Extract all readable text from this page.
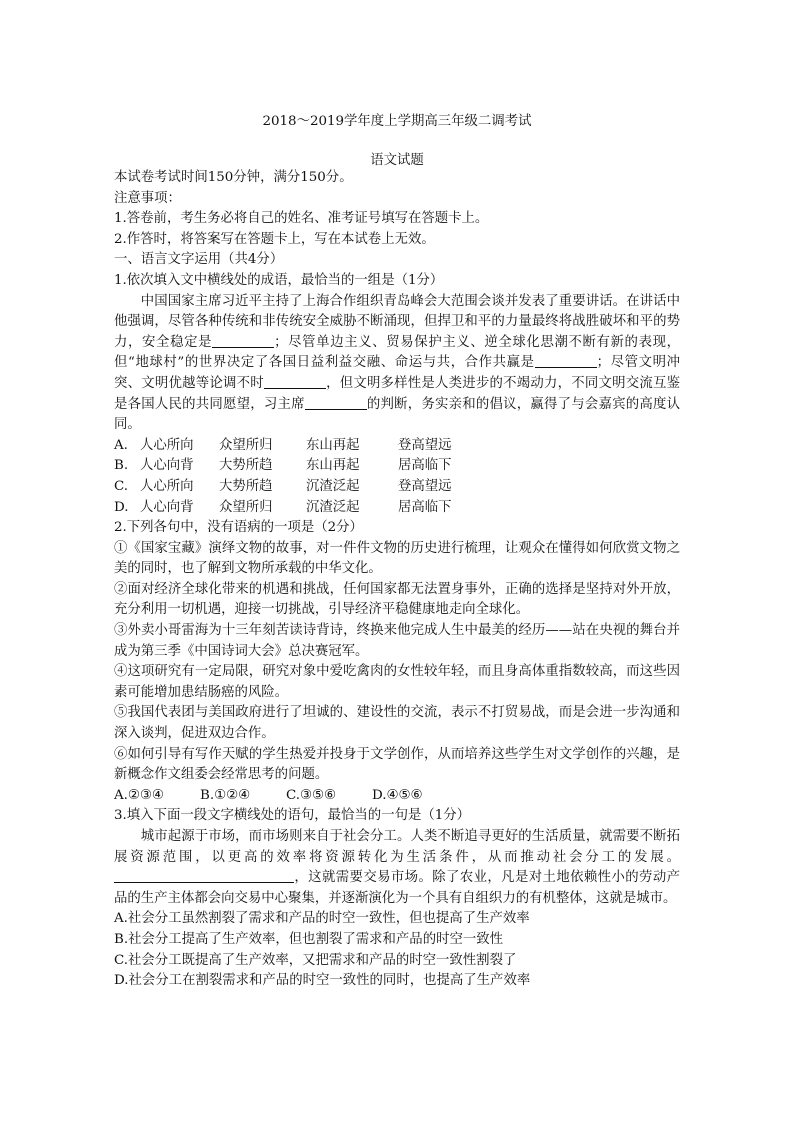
2018～2019学年度上学期高三年级二调考试
语文试题
本试卷考试时间150分钟，满分150分。
注意事项：
1.答卷前，考生务必将自己的姓名、准考证号填写在答题卡上。
2.作答时，将答案写在答题卡上，写在本试卷上无效。
一、语言文字运用（共4分）
1.依次填入文中横线处的成语，最恰当的一组是（1分）
中国国家主席习近平主持了上海合作组织青岛峰会大范围会谈并发表了重要讲话。在讲话中他强调，尽管各种传统和非传统安全威胁不断涌现，但捍卫和平的力量最终将战胜破坏和平的势力，安全稳定是	；尽管单边主义、贸易保护主义、逆全球化思潮不断有新的表现，但“地球村”的世界决定了各国日益利益交融、命运与共，合作共赢是	；尽管文明冲突、文明优越等论调不时	，但文明多样性是人类进步的不竭动力，不同文明交流互鉴是各国人民的共同愿望，习主席	的判断，务实亲和的倡议，赢得了与会嘉宾的高度认同。
A. 人心所向 众望所归 东山再起	登高望远
B. 人心向背 大势所趋 东山再起	居高临下
C. 人心所向 大势所趋 沉渣泛起	登高望远
D. 人心向背 众望所归 沉渣泛起	居高临下
2.下列各句中，没有语病的一项是（2分）
①《国家宝藏》演绎文物的故事，对一件件文物的历史进行梳理，让观众在懂得如何欣赏文物之美的同时，也了解到文物所承载的中华文化。
②面对经济全球化带来的机遇和挑战，任何国家都无法置身事外，正确的选择是坚持对外开放，充分利用一切机遇，迎接一切挑战，引导经济平稳健康地走向全球化。
③外卖小哥雷海为十三年刻苦读诗背诗，终换来他完成人生中最美的经历——站在央视的舞台并成为第三季《中国诗词大会》总决赛冠军。
④这项研究有一定局限，研究对象中爱吃禽肉的女性较年轻，而且身高体重指数较高，而这些因素可能增加患结肠癌的风险。
⑤我国代表团与美国政府进行了坦诚的、建设性的交流，表示不打贸易战，而是会进一步沟通和深入谈判，促进双边合作。
⑥如何引导有写作天赋的学生热爱并投身于文学创作，从而培养这些学生对文学创作的兴趣，是新概念作文组委会经常思考的问题。
A.②③④	B.①②④	C.③⑤⑥	D.④⑤⑥
3.填入下面一段文字横线处的语句，最恰当的一句是（1分）
城市起源于市场，而市场则来自于社会分工。人类不断追寻更好的生活质量，就需要不断拓展资源范围，以更高的效率将资源转化为生活条件，从而推动社会分工的发展。，这就需要交易市场。除了农业，凡是对土地依赖性小的劳动产品的生产主体都会向交易中心聚集，并逐渐演化为一个具有自组织力的有机整体，这就是城市。
A.社会分工虽然割裂了需求和产品的时空一致性，但也提高了生产效率
B.社会分工提高了生产效率，但也割裂了需求和产品的时空一致性
C.社会分工既提高了生产效率，又把需求和产品的时空一致性割裂了
D.社会分工在割裂需求和产品的时空一致性的同时，也提高了生产效率
